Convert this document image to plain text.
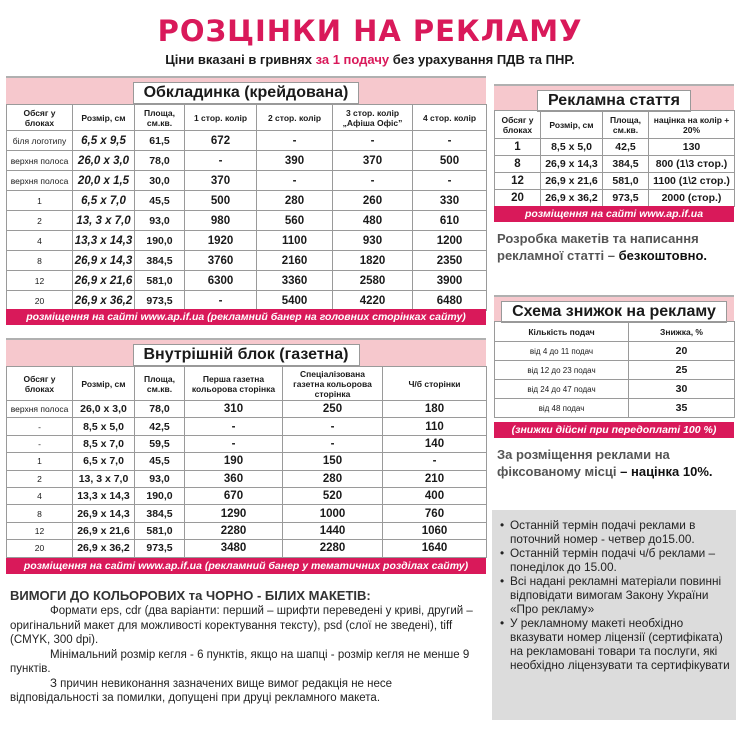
РОЗЦІНКИ НА РЕКЛАМУ
Ціни вказані в гривнях за 1 подачу без урахування ПДВ та ПНР.
Обкладинка (крейдована)
Обсяг у блоках	Розмір, см	Площа, см.кв.	1 стор. колір	2 стор. колір	3 стор. колір „Афіша Офіс”	4 стор. колір
біля логотипу	6,5 х 9,5	61,5	672	-	-	-
верхня полоса	26,0 х 3,0	78,0	-	390	370	500
верхня полоса	20,0 х 1,5	30,0	370	-	-	-
1	6,5 х 7,0	45,5	500	280	260	330
2	13, 3 х 7,0	93,0	980	560	480	610
4	13,3 х 14,3	190,0	1920	1100	930	1200
8	26,9 х 14,3	384,5	3760	2160	1820	2350
12	26,9 х 21,6	581,0	6300	3360	2580	3900
20	26,9 х 36,2	973,5	-	5400	4220	6480
розміщення на сайті www.ap.if.ua (рекламний банер на головних сторінках сайту)
Внутрішній блок (газетна)
Обсяг у блоках	Розмір, см	Площа, см.кв.	Перша газетна кольорова сторінка	Спеціалізована газетна кольорова сторінка	Ч/б сторінки
верхня полоса	26,0 х 3,0	78,0	310	250	180
-	8,5 х 5,0	42,5	-	-	110
-	8,5 х 7,0	59,5	-	-	140
1	6,5 х 7,0	45,5	190	150	-
2	13, 3 х 7,0	93,0	360	280	210
4	13,3 х 14,3	190,0	670	520	400
8	26,9 х 14,3	384,5	1290	1000	760
12	26,9 х 21,6	581,0	2280	1440	1060
20	26,9 х 36,2	973,5	3480	2280	1640
розміщення на сайті www.ap.if.ua (рекламний банер у тематичних розділах сайту)
ВИМОГИ ДО КОЛЬОРОВИХ та ЧОРНО - БІЛИХ МАКЕТІВ:

Формати eps, cdr (два варіанти: перший – шрифти переведені у криві, другий – оригінальний макет для можливості коректування тексту), psd (слої не зведені), tiff (CMYK, 300 dpi).

Мінімальний розмір кегля - 6 пунктів, якщо на шапці - розмір кегля не менше 9 пунктів.

З причин невиконання зазначених вище вимог редакція не несе відповідальності за помилки, допущені при друці рекламного макета.

Рекламна стаття
Обсяг у блоках	Розмір, см	Площа, см.кв.	націнка на колір + 20%
1	8,5 х 5,0	42,5	130
8	26,9 х 14,3	384,5	800 (1\3 стор.)
12	26,9 х 21,6	581,0	1100 (1\2 стор.)
20	26,9 х 36,2	973,5	2000 (стор.)
розміщення на сайті www.ap.if.ua
Розробка макетів та написання рекламної статті – безкоштовно.
Схема знижок на рекламу
Кількість подач	Знижка, %
від 4 до 11 подач	20
від 12 до 23 подач	25
від 24 до 47 подач	30
від 48 подач	35
(знижки дійсні при передоплаті 100 %)
За розміщення реклами на фіксованому місці – націнка 10%.
• Останній термін подачі реклами в поточний номер - четвер до15.00.
• Останній термін подачі ч/б реклами – понеділок до 15.00.
• Всі надані рекламні матеріали повинні відповідати вимогам Закону України «Про рекламу»
• У рекламному макеті необхідно вказувати номер ліцензії (сертифіката) на рекламовані товари та послуги, які необхідно ліцензувати та сертифікувати
